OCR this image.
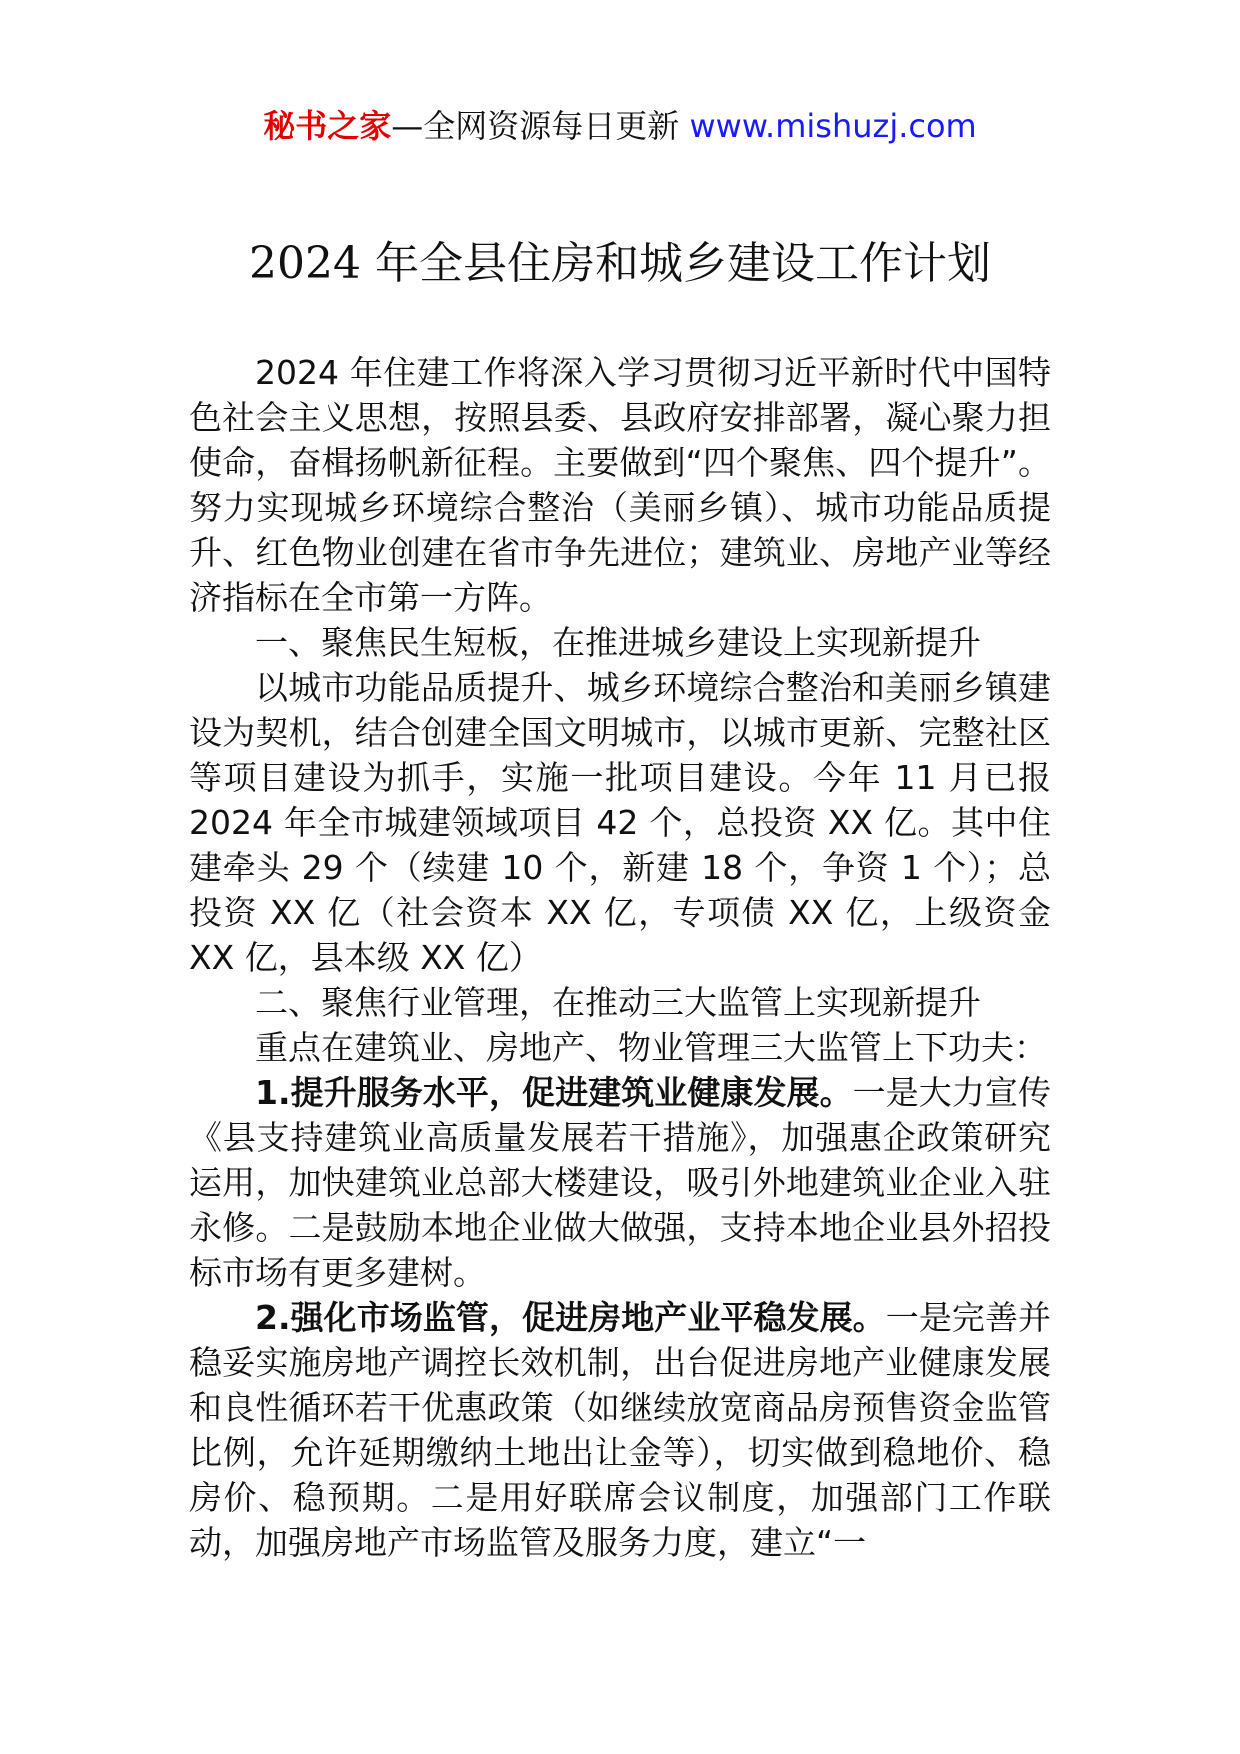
秘书之家—全网资源每日更新 www.mishuzj.com
2024 年全县住房和城乡建设工作计划

2024 年住建工作将深入学习贯彻习近平新时代中国特色社会主义思想，按照县委、县政府安排部署，凝心聚力担使命，奋楫扬帆新征程。主要做到“四个聚焦、四个提升”。努力实现城乡环境综合整治（美丽乡镇）、城市功能品质提升、红色物业创建在省市争先进位；建筑业、房地产业等经济指标在全市第一方阵。

一、聚焦民生短板，在推进城乡建设上实现新提升

以城市功能品质提升、城乡环境综合整治和美丽乡镇建设为契机，结合创建全国文明城市，以城市更新、完整社区等项目建设为抓手，实施一批项目建设。今年 11 月已报 2024 年全市城建领域项目 42 个，总投资 XX 亿。其中住建牵头 29 个（续建 10 个，新建 18 个，争资 1 个）；总投资 XX 亿（社会资本 XX 亿，专项债 XX 亿，上级资金 XX 亿，县本级 XX 亿）

二、聚焦行业管理，在推动三大监管上实现新提升

重点在建筑业、房地产、物业管理三大监管上下功夫：

1.提升服务水平，促进建筑业健康发展。一是大力宣传《县支持建筑业高质量发展若干措施》，加强惠企政策研究运用，加快建筑业总部大楼建设，吸引外地建筑业企业入驻永修。二是鼓励本地企业做大做强，支持本地企业县外招投标市场有更多建树。

2.强化市场监管，促进房地产业平稳发展。一是完善并稳妥实施房地产调控长效机制，出台促进房地产业健康发展和良性循环若干优惠政策（如继续放宽商品房预售资金监管比例，允许延期缴纳土地出让金等），切实做到稳地价、稳房价、稳预期。二是用好联席会议制度，加强部门工作联动，加强房地产市场监管及服务力度，建立“一
